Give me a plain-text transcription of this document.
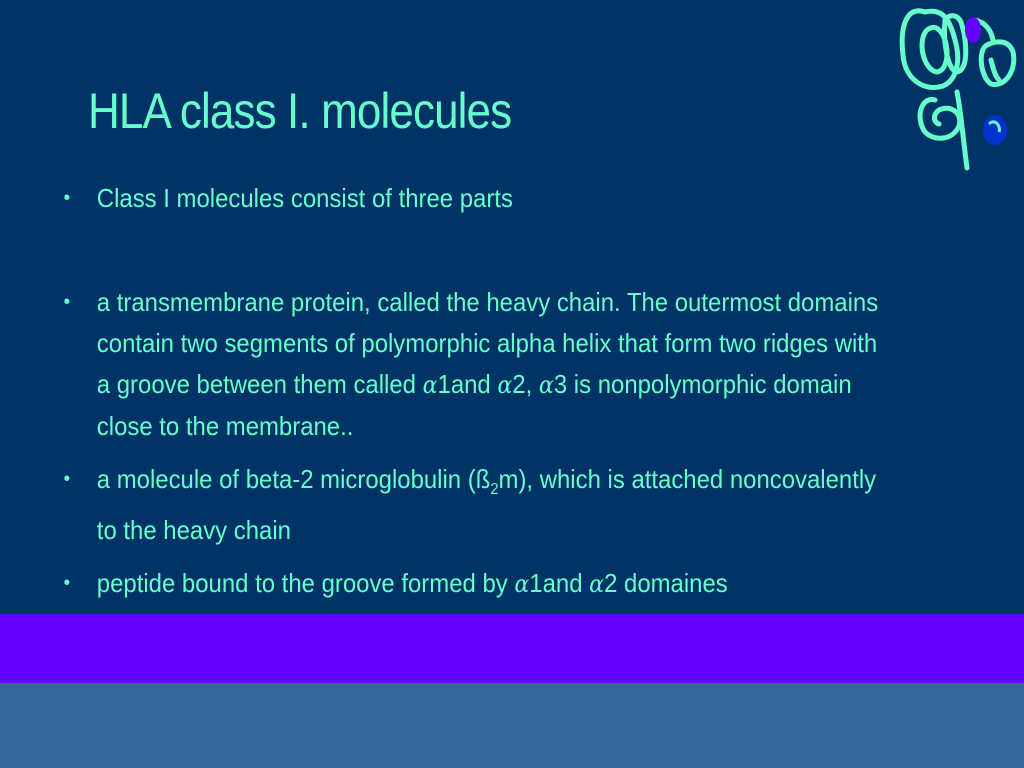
HLA class I. molecules
• Class I molecules consist of three parts
• a transmembrane protein, called the heavy chain. The outermost domains contain two segments of polymorphic alpha helix that form two ridges with a groove between them called α1and α2, α3 is nonpolymorphic domain close to the membrane..
• a molecule of beta-2 microglobulin $(ß_2m)$, which is attached noncovalently to the heavy chain
• peptide bound to the groove formed by α1and α2 domaines
